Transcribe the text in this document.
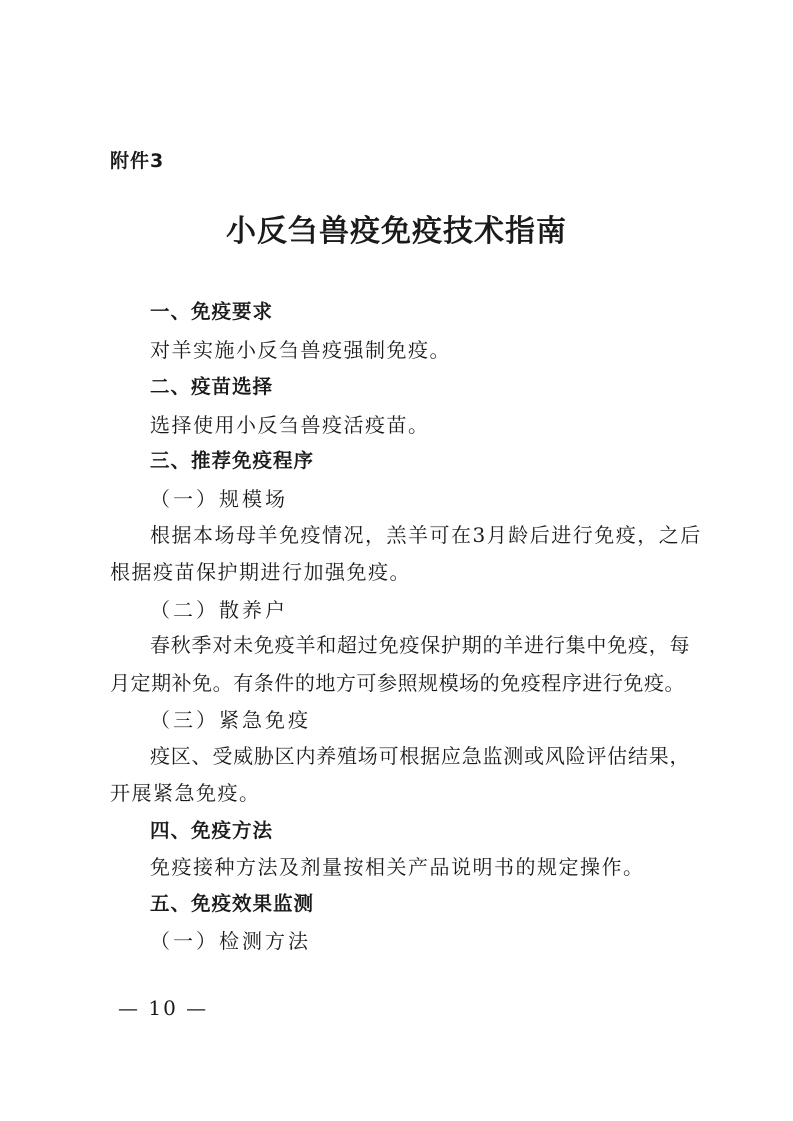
附件3
小反刍兽疫免疫技术指南
一、免疫要求
对羊实施小反刍兽疫强制免疫。
二、疫苗选择
选择使用小反刍兽疫活疫苗。
三、推荐免疫程序
（一）规模场
根据本场母羊免疫情况，羔羊可在3月龄后进行免疫，之后
根据疫苗保护期进行加强免疫。
（二）散养户
春秋季对未免疫羊和超过免疫保护期的羊进行集中免疫，每
月定期补免。有条件的地方可参照规模场的免疫程序进行免疫。
（三）紧急免疫
疫区、受威胁区内养殖场可根据应急监测或风险评估结果，
开展紧急免疫。
四、免疫方法
免疫接种方法及剂量按相关产品说明书的规定操作。
五、免疫效果监测
（一）检测方法
— 10 —
